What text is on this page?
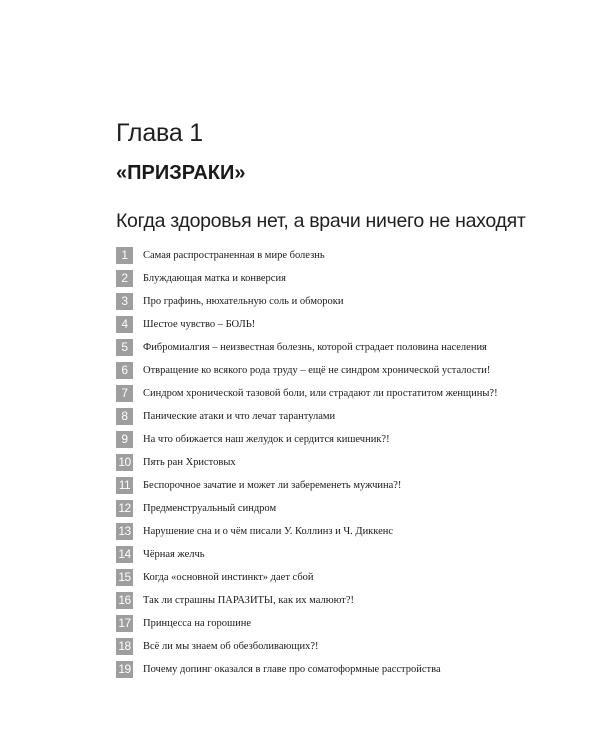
Глава 1
«ПРИЗРАКИ»
Когда здоровья нет, а врачи ничего не находят
1	Самая распространенная в мире болезнь
2	Блуждающая матка и конверсия
3	Про графинь, нюхательную соль и обмороки
4	Шестое чувство – БОЛЬ!
5	Фибромиалгия – неизвестная болезнь, которой страдает половина населения
6	Отвращение ко всякого рода труду – ещё не синдром хронической усталости!
7	Синдром хронической тазовой боли, или страдают ли простатитом женщины?!
8	Панические атаки и что лечат тарантулами
9	На что обижается наш желудок и сердится кишечник?!
10 Пять ран Христовых
11 Беспорочное зачатие и может ли забеременеть мужчина?!
12 Предменструальный синдром
13 Нарушение сна и о чём писали У. Коллинз и Ч. Диккенс
14 Чёрная желчь
15 Когда «основной инстинкт» дает сбой
16 Так ли страшны ПАРАЗИТЫ, как их малюют?!
17 Принцесса на горошине
18 Всё ли мы знаем об обезболивающих?!
19 Почему допинг оказался в главе про соматоформные расстройства
